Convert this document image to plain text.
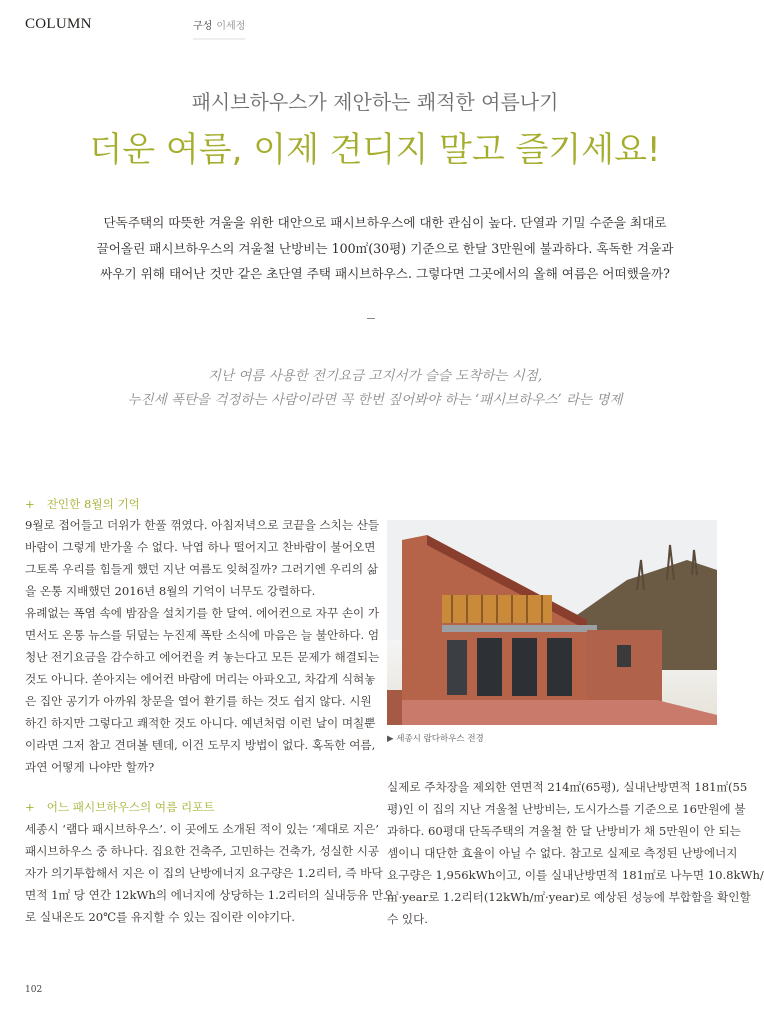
COLUMN	구성 이세정
패시브하우스가 제안하는 쾌적한 여름나기
더운 여름, 이제 견디지 말고 즐기세요!
단독주택의 따뜻한 겨울을 위한 대안으로 패시브하우스에 대한 관심이 높다. 단열과 기밀 수준을 최대로
끌어올린 패시브하우스의 겨울철 난방비는 100㎡(30평) 기준으로 한달 3만원에 불과하다. 혹독한 겨울과
싸우기 위해 태어난 것만 같은 초단열 주택 패시브하우스. 그렇다면 그곳에서의 올해 여름은 어떠했을까?
지난 여름 사용한 전기요금 고지서가 슬슬 도착하는 시점,
누진세 폭탄을 걱정하는 사람이라면 꼭 한번 짚어봐야 하는 ‘패시브하우스’ 라는 명제
+ 잔인한 8월의 기억
9월로 접어들고 더위가 한풀 꺾였다. 아침저녁으로 코끝을 스치는 산들
바람이 그렇게 반가울 수 없다. 낙엽 하나 떨어지고 찬바람이 불어오면
그토록 우리를 힘들게 했던 지난 여름도 잊혀질까? 그러기엔 우리의 삶
을 온통 지배했던 2016년 8월의 기억이 너무도 강렬하다.
유례없는 폭염 속에 밤잠을 설치기를 한 달여. 에어컨으로 자꾸 손이 가
면서도 온통 뉴스를 뒤덮는 누진제 폭탄 소식에 마음은 늘 불안하다. 엄
청난 전기요금을 감수하고 에어컨을 켜 놓는다고 모든 문제가 해결되는
것도 아니다. 쏟아지는 에어컨 바람에 머리는 아파오고, 차갑게 식혀놓
은 집안 공기가 아까워 창문을 열어 환기를 하는 것도 쉽지 않다. 시원
하긴 하지만 그렇다고 쾌적한 것도 아니다. 예년처럼 이런 날이 며칠뿐
이라면 그저 참고 견뎌볼 텐데, 이건 도무지 방법이 없다. 혹독한 여름,
과연 어떻게 나야만 할까?
+ 어느 패시브하우스의 여름 리포트
세종시 ‘램다 패시브하우스’. 이 곳에도 소개된 적이 있는 ‘제대로 지은’
패시브하우스 중 하나다. 집요한 건축주, 고민하는 건축가, 성실한 시공
자가 의기투합해서 지은 이 집의 난방에너지 요구량은 1.2리터, 즉 바닥
면적 1㎡ 당 연간 12kWh의 에너지에 상당하는 1.2리터의 실내등유 만으
로 실내온도 20℃를 유지할 수 있는 집이란 이야기다.
▶ 세종시 람다하우스 전경
실제로 주차장을 제외한 연면적 214㎡(65평), 실내난방면적 181㎡(55
평)인 이 집의 지난 겨울철 난방비는, 도시가스를 기준으로 16만원에 불
과하다. 60평대 단독주택의 겨울철 한 달 난방비가 채 5만원이 안 되는
셈이니 대단한 효율이 아닐 수 없다. 참고로 실제로 측정된 난방에너지
요구량은 1,956kWh이고, 이를 실내난방면적 181㎡로 나누면 10.8kWh/
㎡·year로 1.2리터(12kWh/㎡·year)로 예상된 성능에 부합함을 확인할
수 있다.
102
